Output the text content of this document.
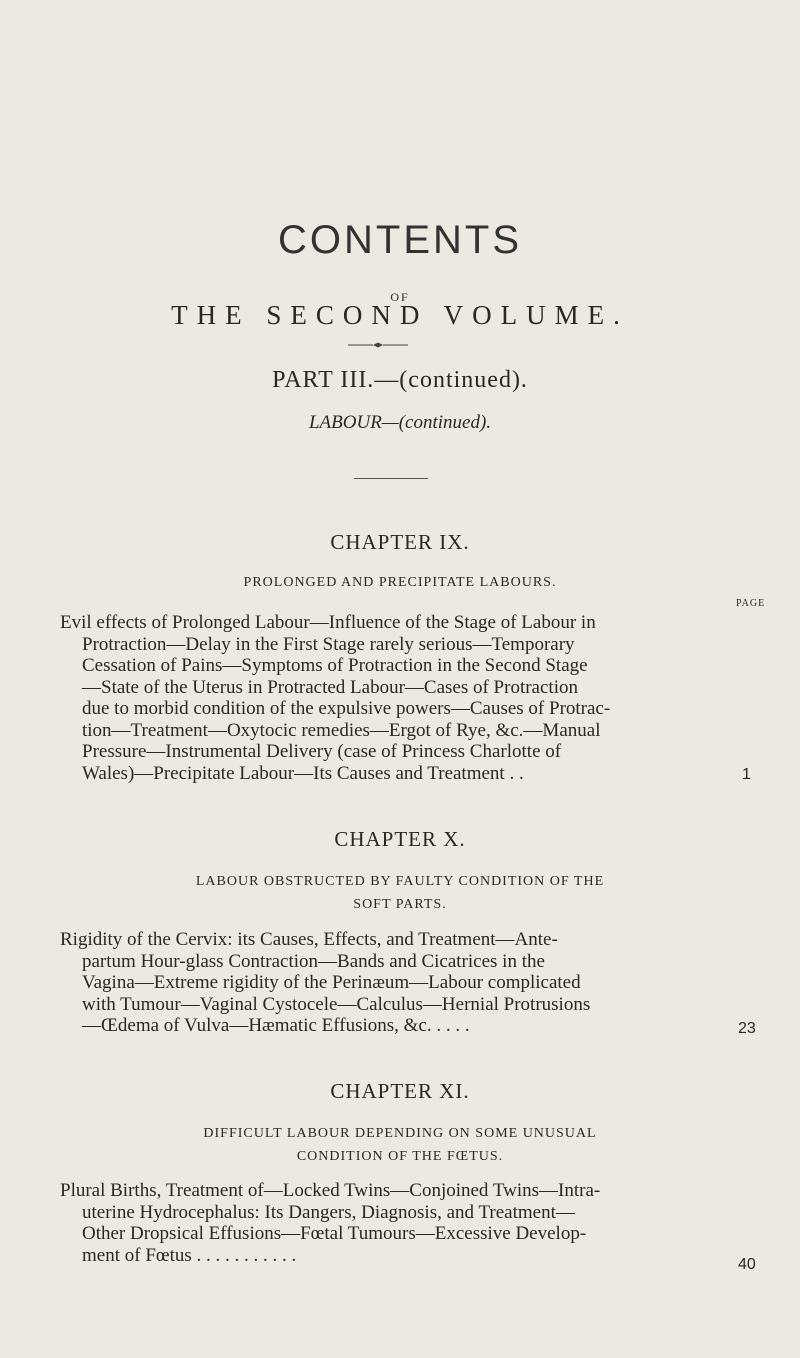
CONTENTS
OF
THE SECOND VOLUME.
PART III.—(continued).
LABOUR—(continued).
CHAPTER IX.
PROLONGED AND PRECIPITATE LABOURS.
PAGE
Evil effects of Prolonged Labour—Influence of the Stage of Labour in
Protraction—Delay in the First Stage rarely serious—Temporary
Cessation of Pains—Symptoms of Protraction in the Second Stage
—State of the Uterus in Protracted Labour—Cases of Protraction
due to morbid condition of the expulsive powers—Causes of Protrac-
tion—Treatment—Oxytocic remedies—Ergot of Rye, &c.—Manual
Pressure—Instrumental Delivery (case of Princess Charlotte of
Wales)—Precipitate Labour—Its Causes and Treatment . .	1
CHAPTER X.
LABOUR OBSTRUCTED BY FAULTY CONDITION OF THE
SOFT PARTS.
Rigidity of the Cervix: its Causes, Effects, and Treatment—Ante-
partum Hour-glass Contraction—Bands and Cicatrices in the
Vagina—Extreme rigidity of the Perinæum—Labour complicated
with Tumour—Vaginal Cystocele—Calculus—Hernial Protrusions
—Œdema of Vulva—Hæmatic Effusions, &c. . . . .	23
CHAPTER XI.
DIFFICULT LABOUR DEPENDING ON SOME UNUSUAL
CONDITION OF THE FŒTUS.
Plural Births, Treatment of—Locked Twins—Conjoined Twins—Intra-
uterine Hydrocephalus: Its Dangers, Diagnosis, and Treatment—
Other Dropsical Effusions—Fœtal Tumours—Excessive Develop-
ment of Fœtus . . . . . . . . . . .	40
